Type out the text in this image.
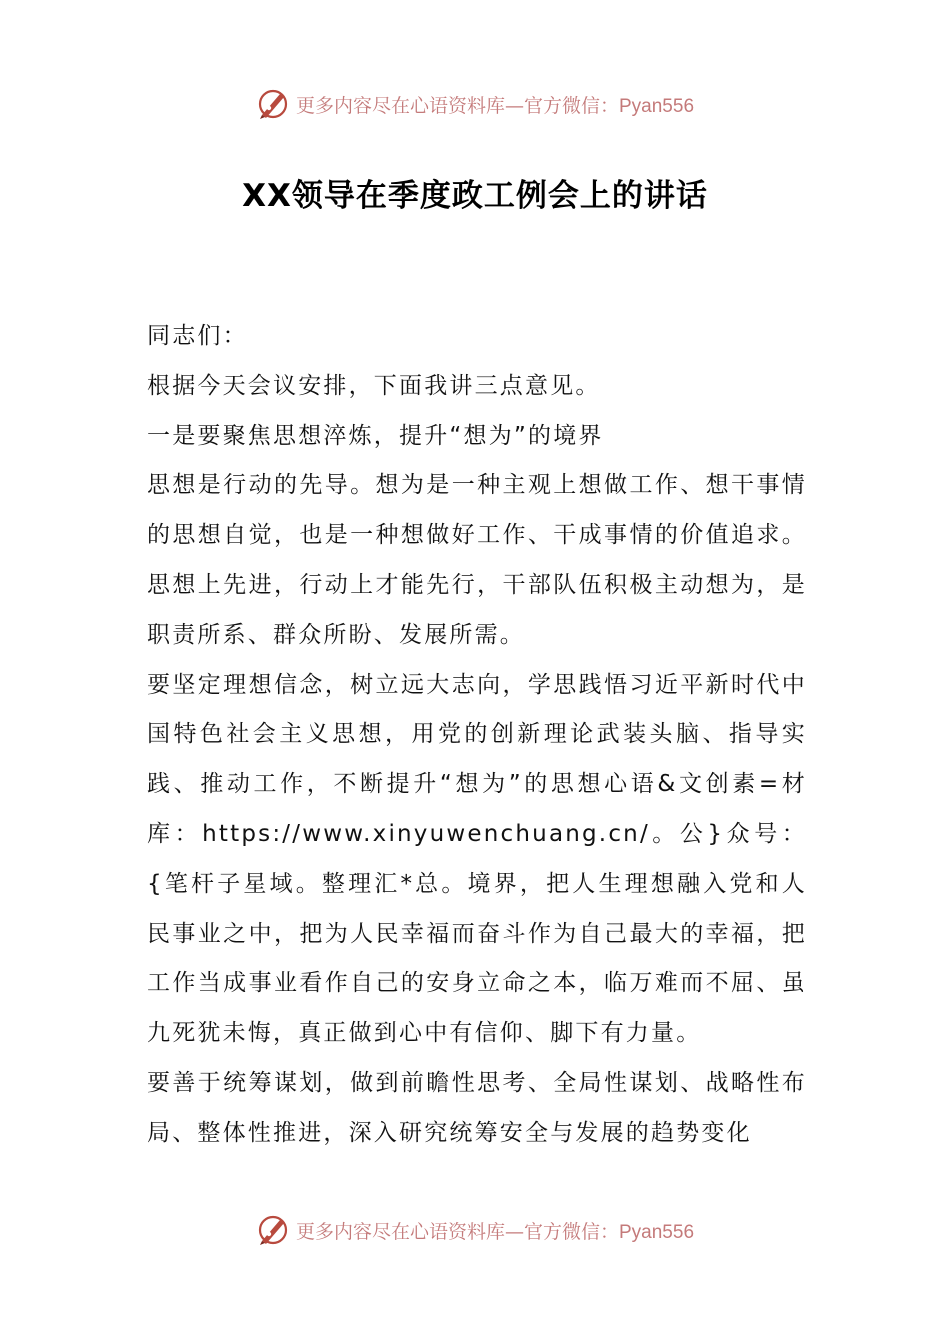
更多内容尽在心语资料库—官方微信：Pyan556
XX领导在季度政工例会上的讲话

同志们：

根据今天会议安排，下面我讲三点意见。

一是要聚焦思想淬炼，提升“想为”的境界

思想是行动的先导。想为是一种主观上想做工作、想干事情的思想自觉，也是一种想做好工作、干成事情的价值追求。思想上先进，行动上才能先行，干部队伍积极主动想为，是职责所系、群众所盼、发展所需。

要坚定理想信念，树立远大志向，学思践悟习近平新时代中国特色社会主义思想，用党的创新理论武装头脑、指导实践、推动工作，不断提升“想为”的思想心语&文创素=材库：https://www.xinyuwenchuang.cn/。公}众号：{笔杆子星域。整理汇*总。境界，把人生理想融入党和人民事业之中，把为人民幸福而奋斗作为自己最大的幸福，把工作当成事业看作自己的安身立命之本，临万难而不屈、虽九死犹未悔，真正做到心中有信仰、脚下有力量。

要善于统筹谋划，做到前瞻性思考、全局性谋划、战略性布局、整体性推进，深入研究统筹安全与发展的趋势变化

更多内容尽在心语资料库—官方微信：Pyan556
